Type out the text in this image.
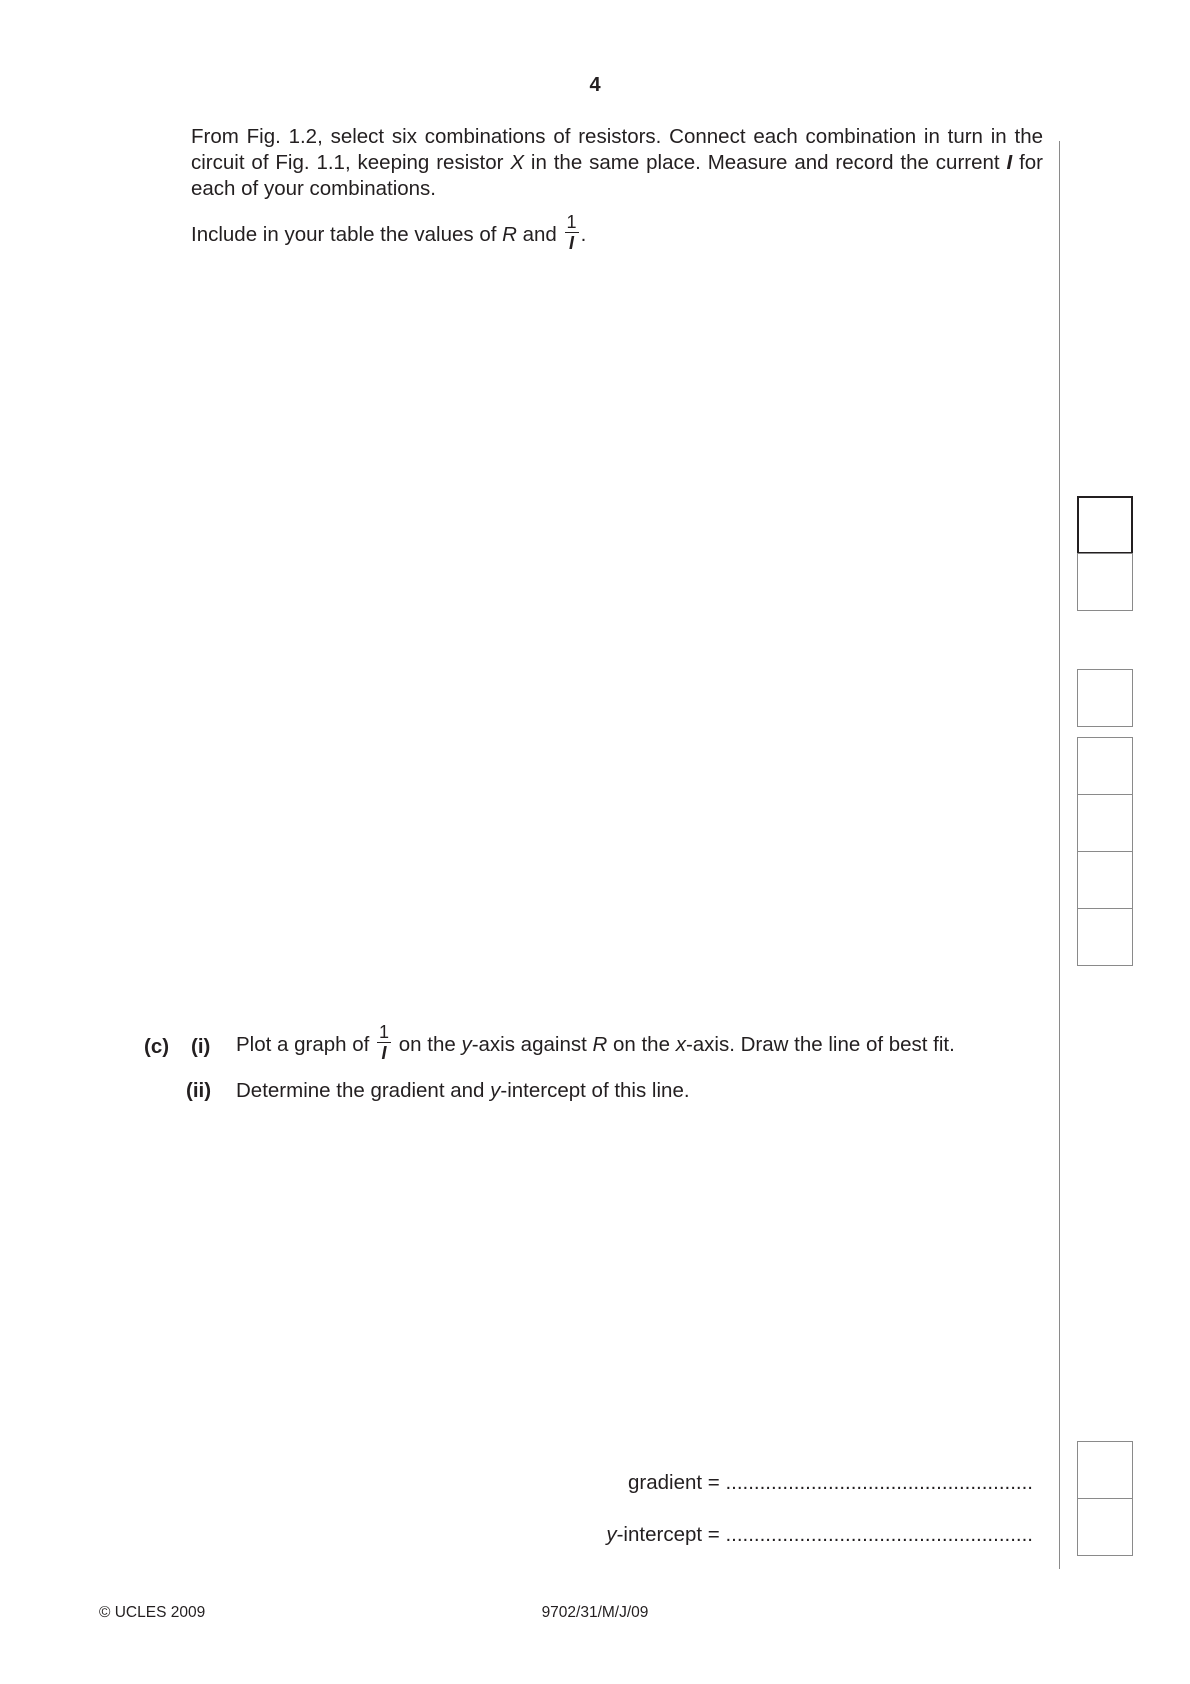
4
From Fig. 1.2, select six combinations of resistors. Connect each combination in turn in the circuit of Fig. 1.1, keeping resistor X in the same place. Measure and record the current I for each of your combinations.
Include in your table the values of R and $\frac{1}{I}$ .
(c) (i) Plot a graph of $\frac{1}{I}$ on the y-axis against R on the x-axis. Draw the line of best fit.
(ii) Determine the gradient and y-intercept of this line.
gradient = ......................................................
y-intercept = ......................................................
© UCLES 2009	9702/31/M/J/09
